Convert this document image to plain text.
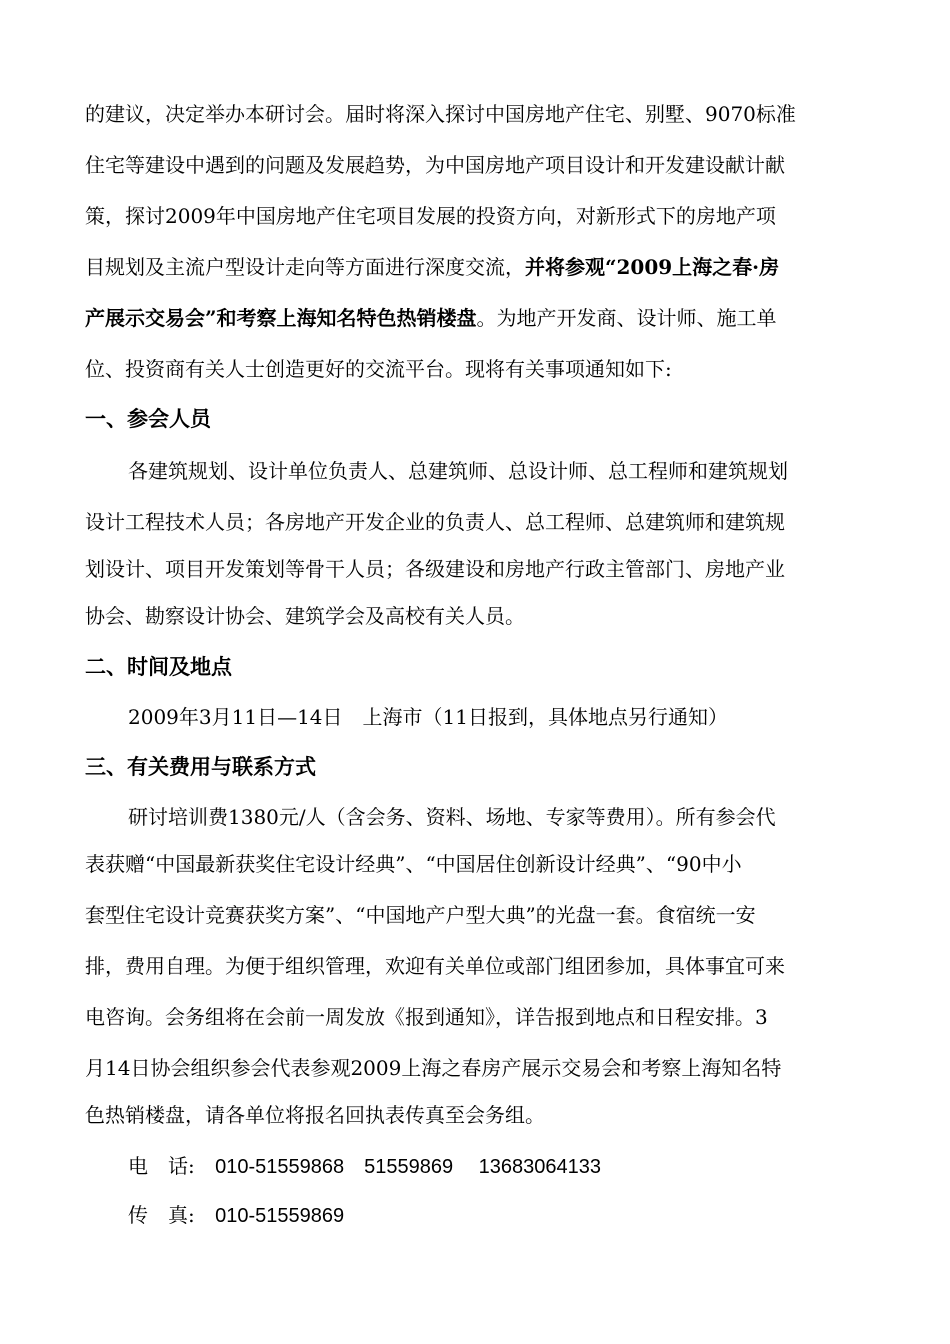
的建议，决定举办本研讨会。届时将深入探讨中国房地产住宅、别墅、9070标准
住宅等建设中遇到的问题及发展趋势，为中国房地产项目设计和开发建设献计献
策，探讨2009年中国房地产住宅项目发展的投资方向，对新形式下的房地产项
目规划及主流户型设计走向等方面进行深度交流，并将参观“2009上海之春·房
产展示交易会”和考察上海知名特色热销楼盘。为地产开发商、设计师、施工单
位、投资商有关人士创造更好的交流平台。现将有关事项通知如下:
一、参会人员
各建筑规划、设计单位负责人、总建筑师、总设计师、总工程师和建筑规划
设计工程技术人员；各房地产开发企业的负责人、总工程师、总建筑师和建筑规
划设计、项目开发策划等骨干人员；各级建设和房地产行政主管部门、房地产业
协会、勘察设计协会、建筑学会及高校有关人员。
二、时间及地点
2009年3月11日—14日　上海市（11日报到，具体地点另行通知）
三、有关费用与联系方式
研讨培训费1380元/人（含会务、资料、场地、专家等费用）。所有参会代
表获赠“中国最新获奖住宅设计经典”、“中国居住创新设计经典”、“90中小
套型住宅设计竞赛获奖方案”、“中国地产户型大典”的光盘一套。食宿统一安
排，费用自理。为便于组织管理，欢迎有关单位或部门组团参加，具体事宜可来
电咨询。会务组将在会前一周发放《报到通知》，详告报到地点和日程安排。3
月14日协会组织参会代表参观2009上海之春房产展示交易会和考察上海知名特
色热销楼盘，请各单位将报名回执表传真至会务组。
电　话: 010-51559868　51559869　 13683064133
传　真: 010-51559869
